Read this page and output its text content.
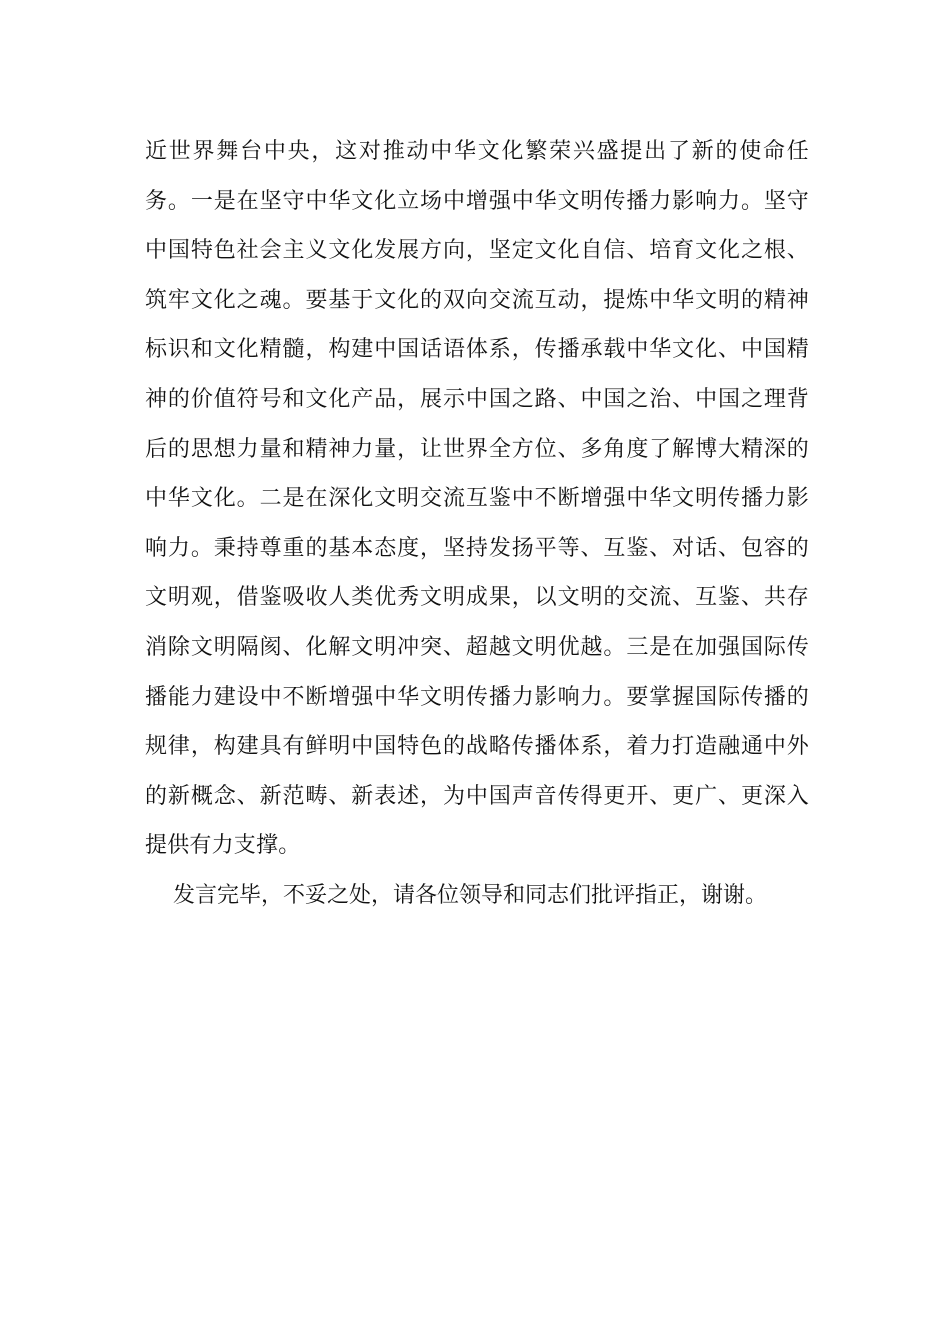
近世界舞台中央，这对推动中华文化繁荣兴盛提出了新的使命任
务。一是在坚守中华文化立场中增强中华文明传播力影响力。坚守
中国特色社会主义文化发展方向，坚定文化自信、培育文化之根、
筑牢文化之魂。要基于文化的双向交流互动，提炼中华文明的精神
标识和文化精髓，构建中国话语体系，传播承载中华文化、中国精
神的价值符号和文化产品，展示中国之路、中国之治、中国之理背
后的思想力量和精神力量，让世界全方位、多角度了解博大精深的
中华文化。二是在深化文明交流互鉴中不断增强中华文明传播力影
响力。秉持尊重的基本态度，坚持发扬平等、互鉴、对话、包容的
文明观，借鉴吸收人类优秀文明成果，以文明的交流、互鉴、共存
消除文明隔阂、化解文明冲突、超越文明优越。三是在加强国际传
播能力建设中不断增强中华文明传播力影响力。要掌握国际传播的
规律，构建具有鲜明中国特色的战略传播体系，着力打造融通中外
的新概念、新范畴、新表述，为中国声音传得更开、更广、更深入
提供有力支撑。
发言完毕，不妥之处，请各位领导和同志们批评指正，谢谢。
